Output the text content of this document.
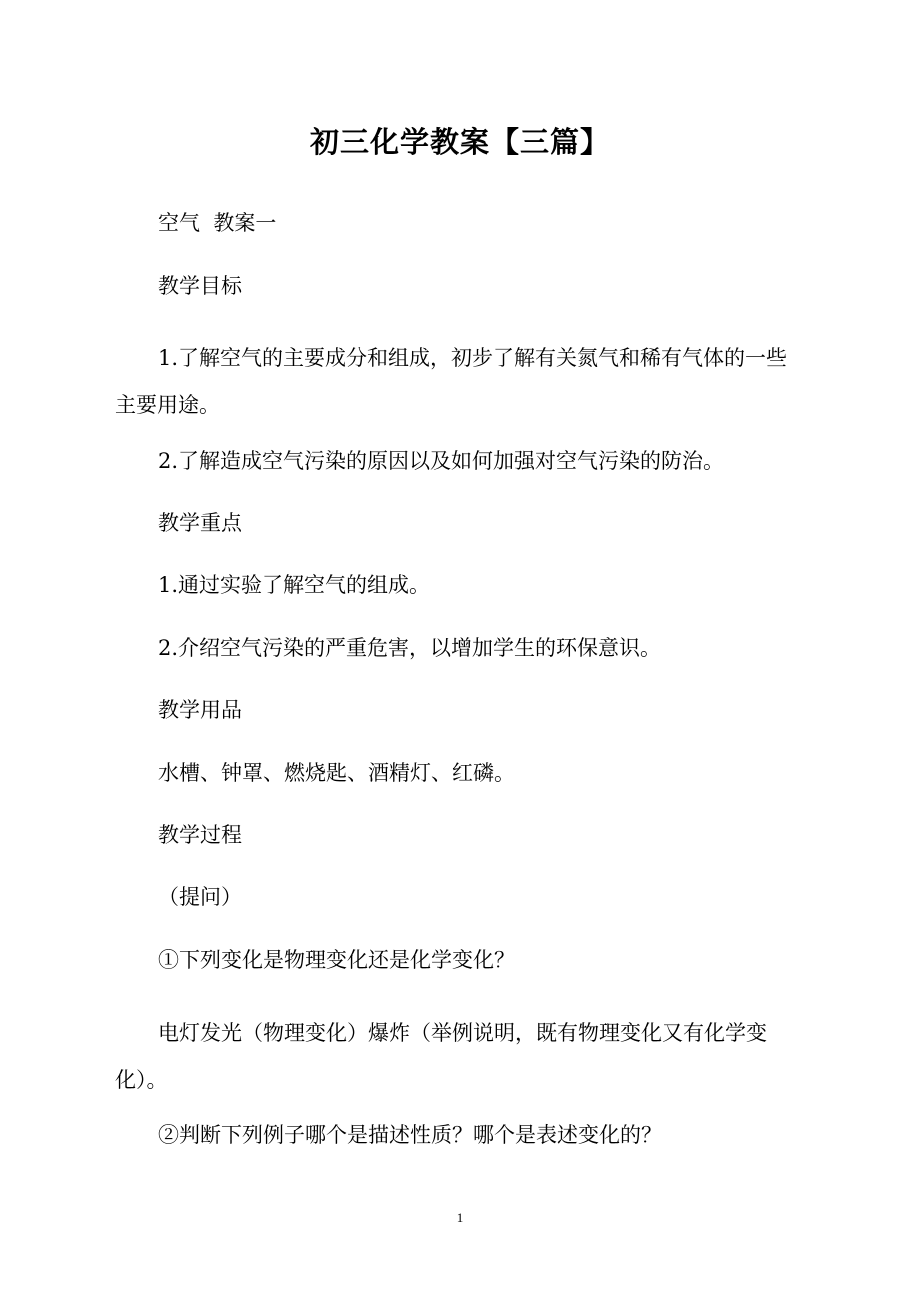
初三化学教案【三篇】

空气  教案一

教学目标

1.了解空气的主要成分和组成，初步了解有关氮气和稀有气体的一些主要用途。

2.了解造成空气污染的原因以及如何加强对空气污染的防治。

教学重点

1.通过实验了解空气的组成。

2.介绍空气污染的严重危害，以增加学生的环保意识。

教学用品

水槽、钟罩、燃烧匙、酒精灯、红磷。

教学过程

（提问）

①下列变化是物理变化还是化学变化？

电灯发光（物理变化）爆炸（举例说明，既有物理变化又有化学变化）。

②判断下列例子哪个是描述性质？哪个是表述变化的？

1
